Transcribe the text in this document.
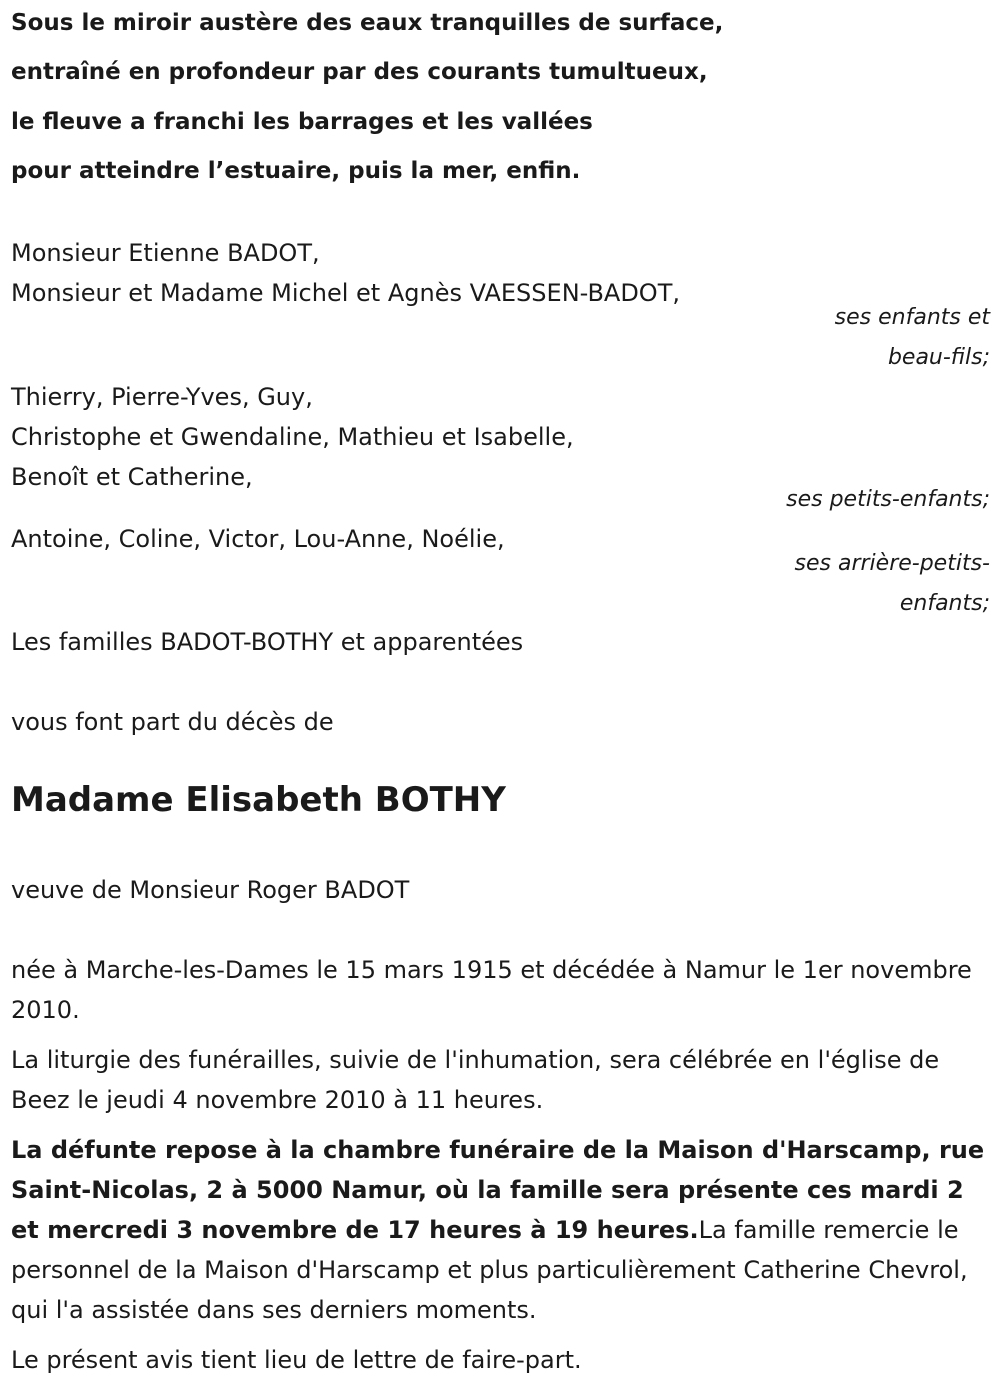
Sous le miroir austère des eaux tranquilles de surface,

entraîné en profondeur par des courants tumultueux,

le fleuve a franchi les barrages et les vallées

pour atteindre l’estuaire, puis la mer, enfin.

Monsieur Etienne BADOT,

Monsieur et Madame Michel et Agnès VAESSEN-BADOT,

ses enfants et
beau-fils;

Thierry, Pierre-Yves, Guy,

Christophe et Gwendaline, Mathieu et Isabelle,

Benoît et Catherine,

ses petits-enfants;

Antoine, Coline, Victor, Lou-Anne, Noélie,

ses arrière-petits-
enfants;

Les familles BADOT-BOTHY et apparentées

vous font part du décès de

Madame Elisabeth BOTHY

veuve de Monsieur Roger BADOT

née à Marche-les-Dames le 15 mars 1915 et décédée à Namur le 1er novembre 2010.

La liturgie des funérailles, suivie de l'inhumation, sera célébrée en l'église de Beez le jeudi 4 novembre 2010 à 11 heures.

La défunte repose à la chambre funéraire de la Maison d'Harscamp, rue Saint-Nicolas, 2 à 5000 Namur, où la famille sera présente ces mardi 2 et mercredi 3 novembre de 17 heures à 19 heures.La famille remercie le personnel de la Maison d'Harscamp et plus particulièrement Catherine Chevrol, qui l'a assistée dans ses derniers moments.

Le présent avis tient lieu de lettre de faire-part.
